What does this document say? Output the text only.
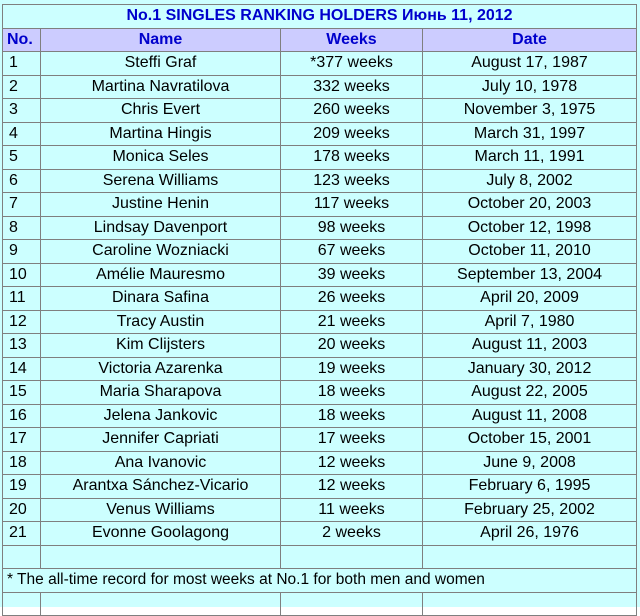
No.1 SINGLES RANKING HOLDERS Июнь 11, 2012			
No.	Name	Weeks	Date
1	Steffi Graf	*377 weeks	August 17, 1987
2	Martina Navratilova	332 weeks	July 10, 1978
3	Chris Evert	260 weeks	November 3, 1975
4	Martina Hingis	209 weeks	March 31, 1997
5	Monica Seles	178 weeks	March 11, 1991
6	Serena Williams	123 weeks	July 8, 2002
7	Justine Henin	117 weeks	October 20, 2003
8	Lindsay Davenport	98 weeks	October 12, 1998
9	Caroline Wozniacki	67 weeks	October 11, 2010
10	Amélie Mauresmo	39 weeks	September 13, 2004
11	Dinara Safina	26 weeks	April 20, 2009
12	Tracy Austin	21 weeks	April 7, 1980
13	Kim Clijsters	20 weeks	August 11, 2003
14	Victoria Azarenka	19 weeks	January 30, 2012
15	Maria Sharapova	18 weeks	August 22, 2005
16	Jelena Jankovic	18 weeks	August 11, 2008
17	Jennifer Capriati	17 weeks	October 15, 2001
18	Ana Ivanovic	12 weeks	June 9, 2008
19	Arantxa Sánchez-Vicario	12 weeks	February 6, 1995
20	Venus Williams	11 weeks	February 25, 2002
21	Evonne Goolagong	2 weeks	April 26, 1976

* The all-time record for most weeks at No.1 for both men and women			
